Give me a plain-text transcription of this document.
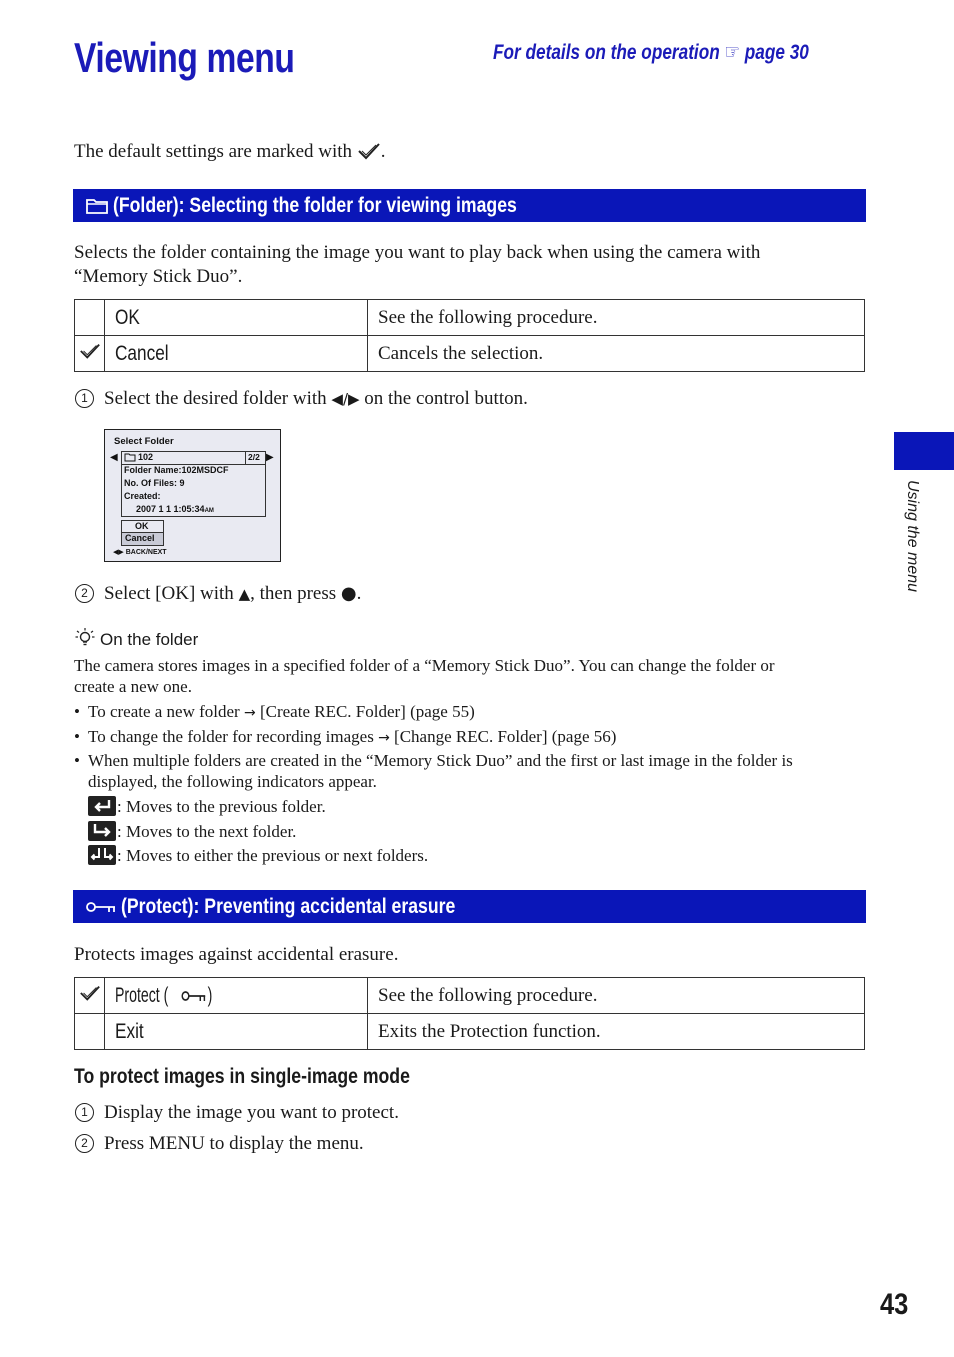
Viewing menu	For details on the operation ☞ page 30
The default settings are marked with .
(Folder): Selecting the folder for viewing images
Selects the folder containing the image you want to play back when using the camera with
“Memory Stick Duo”.
	OK	See the following procedure.
	Cancel	Cancels the selection.
1 Select the desired folder with ◀/▶ on the control button.
Select Folder
◀	▶
102	2/2
Folder Name:102MSDCF
No. Of Files: 9
Created:
2007 1 1 1:05:34AM
OK
Cancel
◀▶ BACK/NEXT
2 Select [OK] with ▲, then press ●.
On the folder
The camera stores images in a specified folder of a “Memory Stick Duo”. You can change the folder or
create a new one.
• To create a new folder → [Create REC. Folder] (page 55)
• To change the folder for recording images → [Change REC. Folder] (page 56)
• When multiple folders are created in the “Memory Stick Duo” and the first or last image in the folder is
displayed, the following indicators appear.
: Moves to the previous folder.
: Moves to the next folder.
: Moves to either the previous or next folders.
(Protect): Preventing accidental erasure
Protects images against accidental erasure.
	Protect ( )	See the following procedure.
	Exit	Exits the Protection function.
To protect images in single-image mode
1 Display the image you want to protect.
2 Press MENU to display the menu.
Using the menu
43
